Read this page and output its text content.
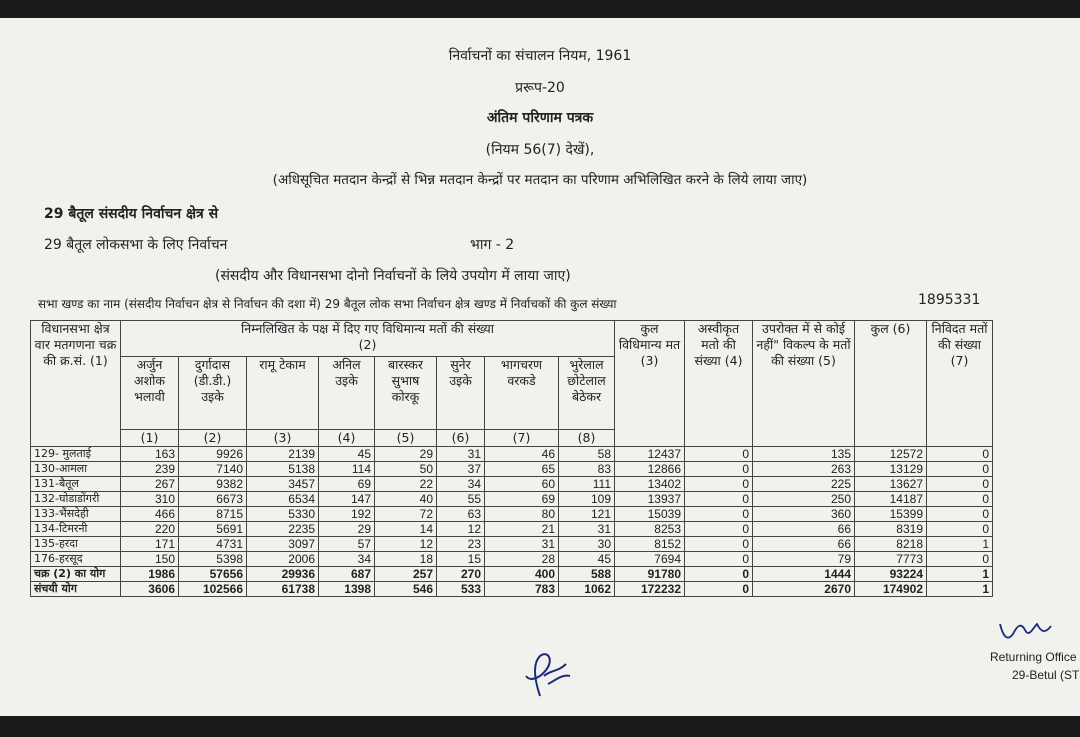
निर्वाचनों का संचालन नियम, 1961
प्ररूप-20
अंतिम परिणाम पत्रक
(नियम 56(7) देखें),
(अधिसूचित मतदान केन्द्रों से भिन्न मतदान केन्द्रों पर मतदान का परिणाम अभिलिखित करने के लिये लाया जाए)
29 बैतूल संसदीय निर्वाचन क्षेत्र से
29 बैतूल लोकसभा के लिए निर्वाचन	भाग - 2
(संसदीय और विधानसभा दोनो निर्वाचनों के लिये उपयोग में लाया जाए)
सभा खण्ड का नाम (संसदीय निर्वाचन क्षेत्र से निर्वाचन की दशा में) 29 बैतूल लोक सभा निर्वाचन क्षेत्र खण्ड में निर्वाचकों की कुल संख्या	1895331
विधानसभा क्षेत्र वार मतगणना चक्र की क्र.सं. (1)	निम्नलिखित के पक्ष में दिए गए विधिमान्य मतों की संख्या
(2)								कुल विधिमान्य मत (3)	अस्वीकृत मतो की संख्या (4)	उपरोक्त में से कोई नहीं" विकल्प के मतों की संख्या (5)	कुल (6)	निविदत मतों की संख्या (7)
	अर्जुन अशोक भलावी	दुर्गादास (डी.डी.) उइके	रामू टेकाम	अनिल उइके	बारस्कर सुभाष कोरकू	सुनेर उइके	भागचरण वरकडे	भुरेलाल छोटेलाल बेठेकर					
	(1)	(2)	(3)	(4)	(5)	(6)	(7)	(8)					
129- मुलताई	163	9926	2139	45	29	31	46	58	12437	0	135	12572	0
130-आमला	239	7140	5138	114	50	37	65	83	12866	0	263	13129	0
131-बैतूल	267	9382	3457	69	22	34	60	111	13402	0	225	13627	0
132-घोडाडोंगरी	310	6673	6534	147	40	55	69	109	13937	0	250	14187	0
133-भैंसदेही	466	8715	5330	192	72	63	80	121	15039	0	360	15399	0
134-टिमरनी	220	5691	2235	29	14	12	21	31	8253	0	66	8319	0
135-हरदा	171	4731	3097	57	12	23	31	30	8152	0	66	8218	1
176-हरसूद	150	5398	2006	34	18	15	28	45	7694	0	79	7773	0
चक्र (2) का योग	1986	57656	29936	687	257	270	400	588	91780	0	1444	93224	1
संचयी योग	3606	102566	61738	1398	546	533	783	1062	172232	0	2670	174902	1
Returning Office
29-Betul (ST
